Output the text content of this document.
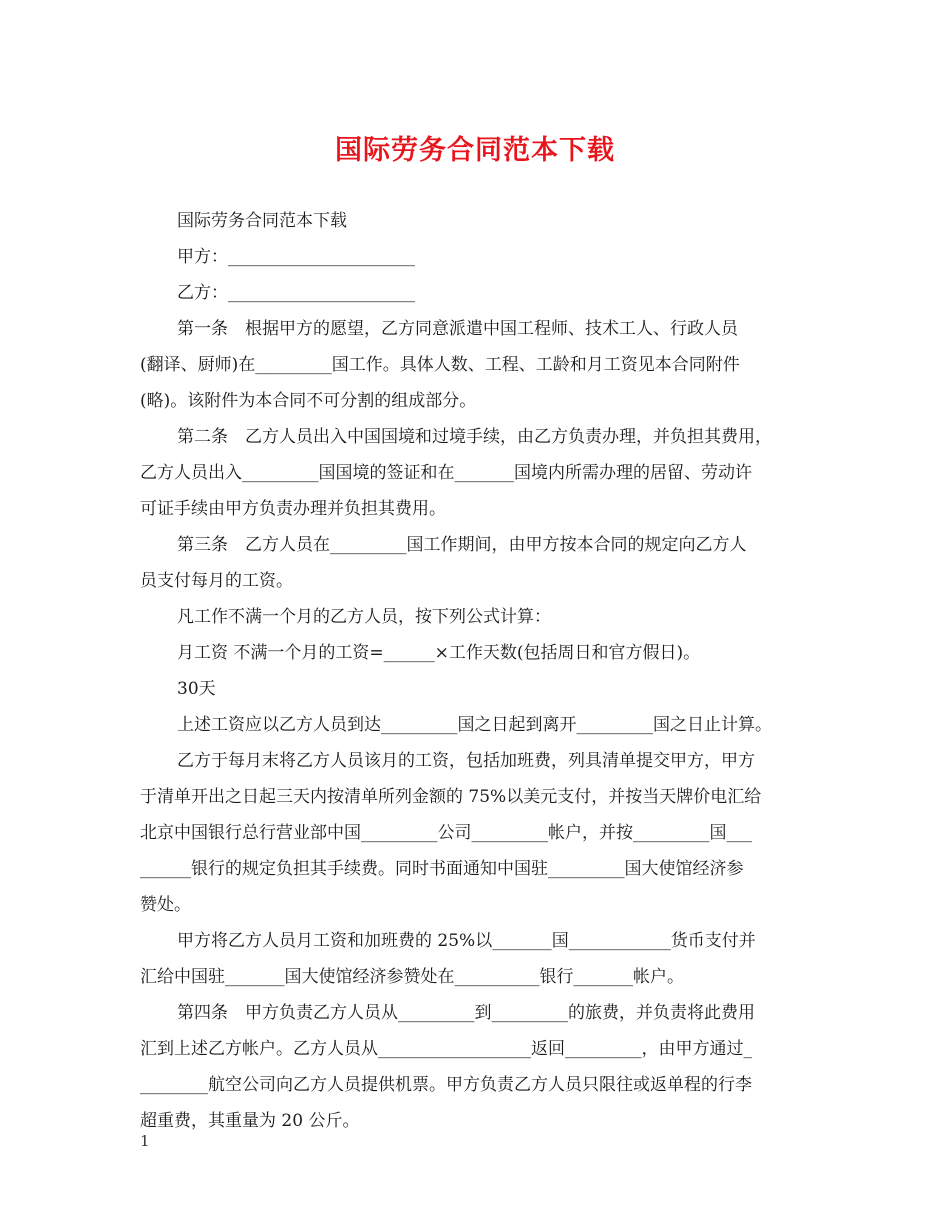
国际劳务合同范本下载

国际劳务合同范本下载

甲方：______________________

乙方：______________________

第一条　根据甲方的愿望，乙方同意派遣中国工程师、技术工人、行政人员

(翻译、厨师)在_________国工作。具体人数、工程、工龄和月工资见本合同附件

(略)。该附件为本合同不可分割的组成部分。

第二条　乙方人员出入中国国境和过境手续，由乙方负责办理，并负担其费用，

乙方人员出入_________国国境的签证和在_______国境内所需办理的居留、劳动许

可证手续由甲方负责办理并负担其费用。

第三条　乙方人员在_________国工作期间，由甲方按本合同的规定向乙方人

员支付每月的工资。

凡工作不满一个月的乙方人员，按下列公式计算：

月工资 不满一个月的工资=______×工作天数(包括周日和官方假日)。

30天

上述工资应以乙方人员到达_________国之日起到离开_________国之日止计算。

乙方于每月末将乙方人员该月的工资，包括加班费，列具清单提交甲方，甲方

于清单开出之日起三天内按清单所列金额的 75%以美元支付，并按当天牌价电汇给

北京中国银行总行营业部中国_________公司_________帐户，并按_________国___

______银行的规定负担其手续费。同时书面通知中国驻_________国大使馆经济参

赞处。

甲方将乙方人员月工资和加班费的 25%以_______国____________货币支付并

汇给中国驻_______国大使馆经济参赞处在__________银行_______帐户。

第四条　甲方负责乙方人员从_________到_________的旅费，并负责将此费用

汇到上述乙方帐户。乙方人员从__________________返回_________，由甲方通过_

________航空公司向乙方人员提供机票。甲方负责乙方人员只限往或返单程的行李

超重费，其重量为 20 公斤。

1
